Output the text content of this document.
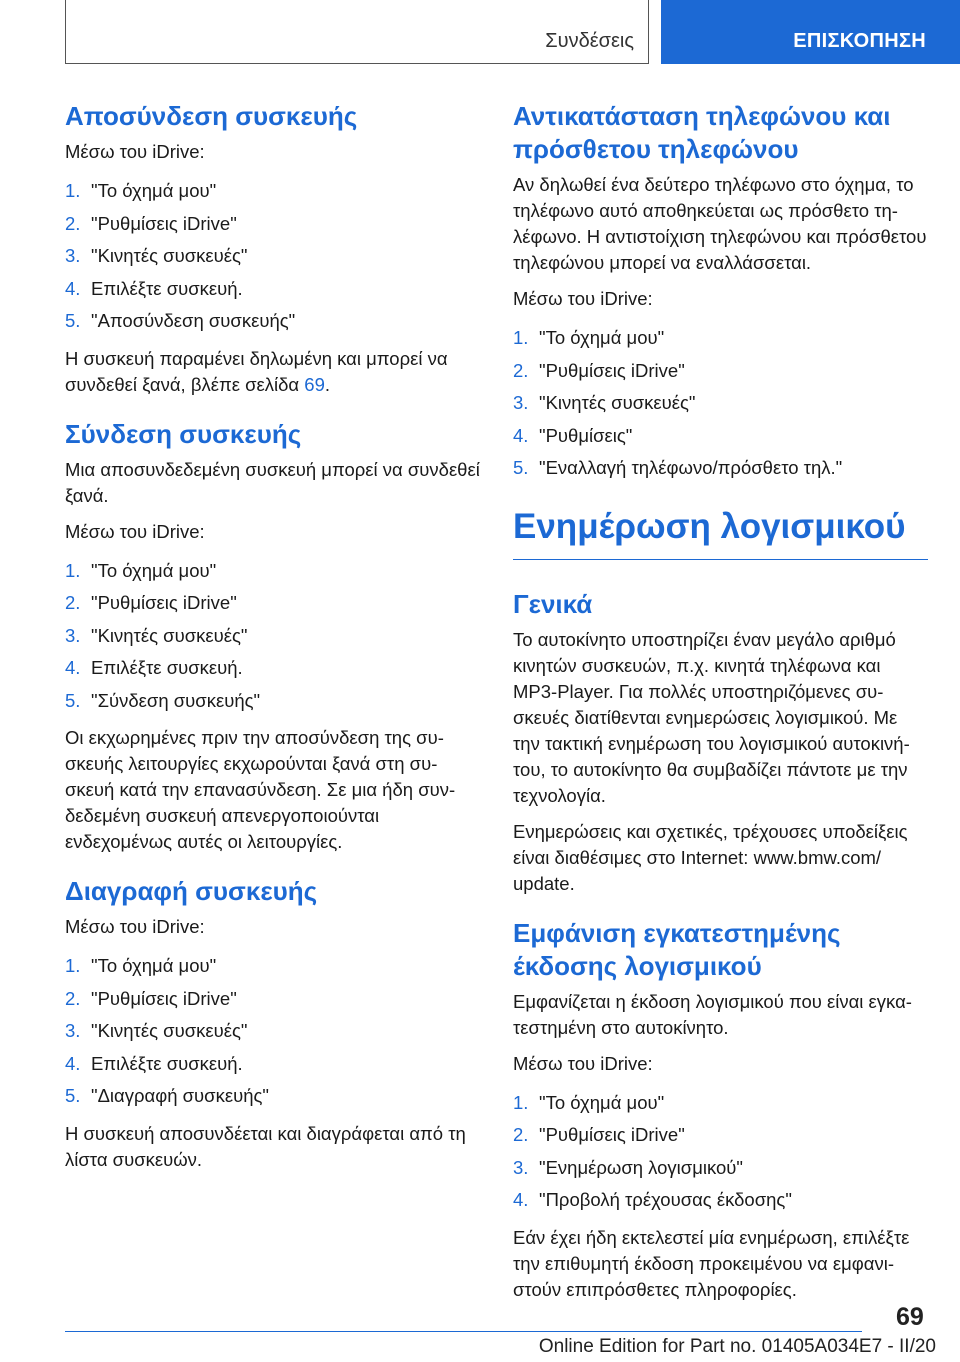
Συνδέσεις	ΕΠΙΣΚΟΠΗΣΗ
Αποσύνδεση συσκευής

Μέσω του iDrive:

1. "Το όχημά μου"
2. "Ρυθμίσεις iDrive"
3. "Κινητές συσκευές"
4. Επιλέξτε συσκευή.
5. "Αποσύνδεση συσκευής"

Η συσκευή παραμένει δηλωμένη και μπορεί να συνδεθεί ξανά, βλέπε σελίδα 69.

Σύνδεση συσκευής

Μια αποσυνδεδεμένη συσκευή μπορεί να συνδεθεί ξανά.

Μέσω του iDrive:

1. "Το όχημά μου"
2. "Ρυθμίσεις iDrive"
3. "Κινητές συσκευές"
4. Επιλέξτε συσκευή.
5. "Σύνδεση συσκευής"

Οι εκχωρημένες πριν την αποσύνδεση της συσκευής λειτουργίες εκχωρούνται ξανά στη συσκευή κατά την επανασύνδεση. Σε μια ήδη συνδεδεμένη συσκευή απενεργοποιούνται ενδεχομένως αυτές οι λειτουργίες.

Διαγραφή συσκευής

Μέσω του iDrive:

1. "Το όχημά μου"
2. "Ρυθμίσεις iDrive"
3. "Κινητές συσκευές"
4. Επιλέξτε συσκευή.
5. "Διαγραφή συσκευής"

Η συσκευή αποσυνδέεται και διαγράφεται από τη λίστα συσκευών.

Αντικατάσταση τηλεφώνου και πρόσθετου τηλεφώνου

Αν δηλωθεί ένα δεύτερο τηλέφωνο στο όχημα, το τηλέφωνο αυτό αποθηκεύεται ως πρόσθετο τηλέφωνο. Η αντιστοίχιση τηλεφώνου και πρόσθετου τηλεφώνου μπορεί να εναλλάσσεται.

Μέσω του iDrive:

1. "Το όχημά μου"
2. "Ρυθμίσεις iDrive"
3. "Κινητές συσκευές"
4. "Ρυθμίσεις"
5. "Εναλλαγή τηλέφωνο/πρόσθετο τηλ."
Ενημέρωση λογισμικού
Γενικά

Το αυτοκίνητο υποστηρίζει έναν μεγάλο αριθμό κινητών συσκευών, π.χ. κινητά τηλέφωνα και MP3-Player. Για πολλές υποστηριζόμενες συσκευές διατίθενται ενημερώσεις λογισμικού. Με την τακτική ενημέρωση του λογισμικού αυτοκινήτου, το αυτοκίνητο θα συμβαδίζει πάντοτε με την τεχνολογία.

Ενημερώσεις και σχετικές, τρέχουσες υποδείξεις είναι διαθέσιμες στο Internet: www.bmw.com/ update.

Εμφάνιση εγκατεστημένης έκδοσης λογισμικού

Εμφανίζεται η έκδοση λογισμικού που είναι εγκατεστημένη στο αυτοκίνητο.

Μέσω του iDrive:

1. "Το όχημά μου"
2. "Ρυθμίσεις iDrive"
3. "Ενημέρωση λογισμικού"
4. "Προβολή τρέχουσας έκδοσης"

Εάν έχει ήδη εκτελεστεί μία ενημέρωση, επιλέξτε την επιθυμητή έκδοση προκειμένου να εμφανιστούν επιπρόσθετες πληροφορίες.

69
Online Edition for Part no. 01405A034E7 - II/20
